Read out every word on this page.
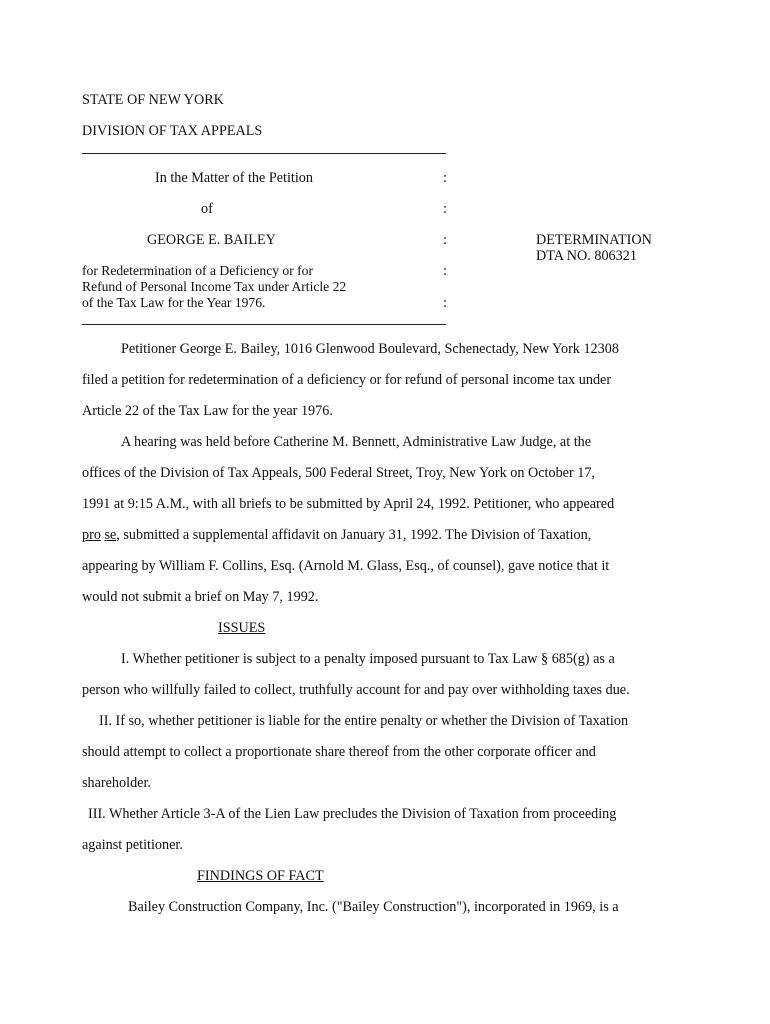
STATE OF NEW YORK
DIVISION OF TAX APPEALS
In the Matter of the Petition
of
GEORGE E. BAILEY
for Redetermination of a Deficiency or for
Refund of Personal Income Tax under Article 22
of the Tax Law for the Year 1976.
:
:
:
:
:
DETERMINATION
DTA NO. 806321
Petitioner George E. Bailey, 1016 Glenwood Boulevard, Schenectady, New York 12308
filed a petition for redetermination of a deficiency or for refund of personal income tax under
Article 22 of the Tax Law for the year 1976.
A hearing was held before Catherine M. Bennett, Administrative Law Judge, at the
offices of the Division of Tax Appeals, 500 Federal Street, Troy, New York on October 17,
1991 at 9:15 A.M., with all briefs to be submitted by April 24, 1992. Petitioner, who appeared
pro se, submitted a supplemental affidavit on January 31, 1992. The Division of Taxation,
appearing by William F. Collins, Esq. (Arnold M. Glass, Esq., of counsel), gave notice that it
would not submit a brief on May 7, 1992.
ISSUES
I. Whether petitioner is subject to a penalty imposed pursuant to Tax Law § 685(g) as a
person who willfully failed to collect, truthfully account for and pay over withholding taxes due.
II. If so, whether petitioner is liable for the entire penalty or whether the Division of Taxation
should attempt to collect a proportionate share thereof from the other corporate officer and
shareholder.
III. Whether Article 3-A of the Lien Law precludes the Division of Taxation from proceeding
against petitioner.
FINDINGS OF FACT
Bailey Construction Company, Inc. ("Bailey Construction"), incorporated in 1969, is a
